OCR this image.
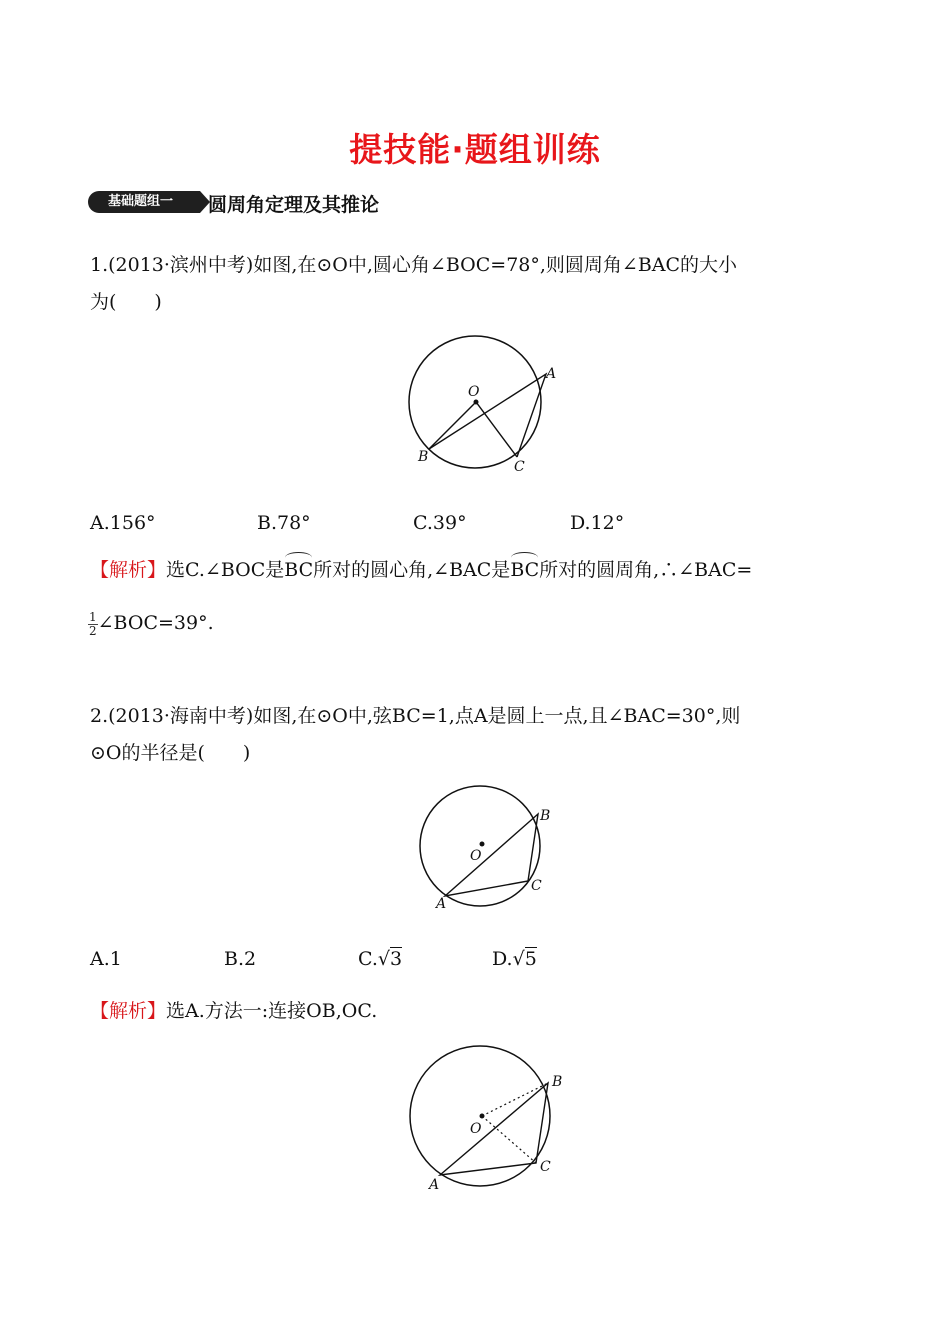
提技能·题组训练
基础题组一	圆周角定理及其推论
1.(2013·滨州中考)如图,在⊙O中,圆心角∠BOC=78°,则圆周角∠BAC的大小
为(　　)
O
A
B
C
A.156°	B.78°	C.39°	D.12°
【解析】选C.∠BOC是BC所对的圆心角,∠BAC是BC所对的圆周角,∴∠BAC=
$\frac{1}{2}$ ∠BOC=39°.
2.(2013·海南中考)如图,在⊙O中,弦BC=1,点A是圆上一点,且∠BAC=30°,则
⊙O的半径是(　　)
O
B
C
A
A.1	B.2	C.√3	D.√5
【解析】选A.方法一:连接OB,OC.
O
B
C
A
